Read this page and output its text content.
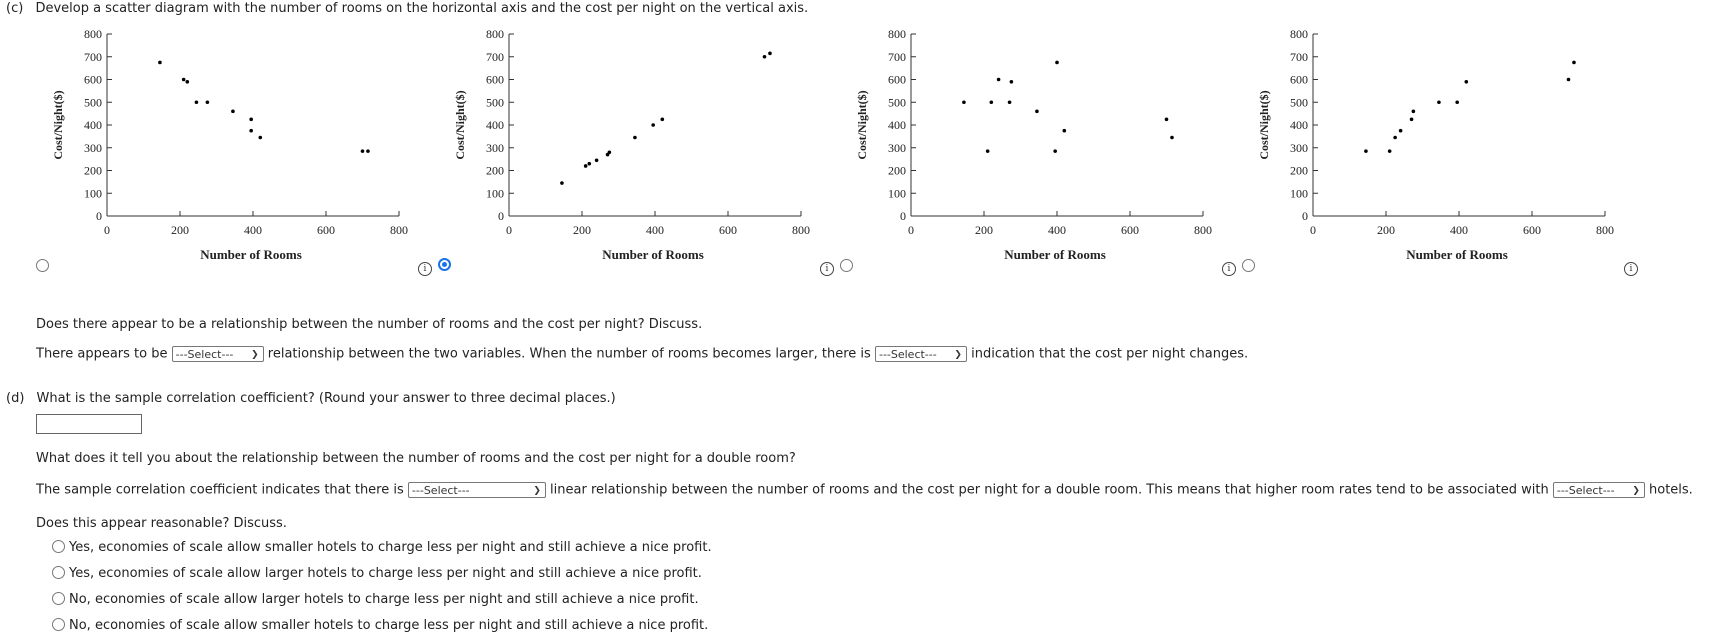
(c) Develop a scatter diagram with the number of rooms on the horizontal axis and the cost per night on the vertical axis.
800
700
600
500
400
300
200
100
0
0	200	400	600	800
Cost/Night($)
Number of Rooms
800
700
600
500
400
300
200
100
0
0	200	400	600	800
Cost/Night($)
Number of Rooms
800
700
600
500
400
300
200
100
0
0	200	400	600	800
Cost/Night($)
Number of Rooms
800
700
600
500
400
300
200
100
0
0	200	400	600	800
Cost/Night($)
Number of Rooms
i	i	i	i
Does there appear to be a relationship between the number of rooms and the cost per night? Discuss.
There appears to be ---Select--- ❯ relationship between the two variables. When the number of rooms becomes larger, there is ---Select--- ❯ indication that the cost per night changes.
(d) What is the sample correlation coefficient? (Round your answer to three decimal places.)
What does it tell you about the relationship between the number of rooms and the cost per night for a double room?
The sample correlation coefficient indicates that there is ---Select---	❯ linear relationship between the number of rooms and the cost per night for a double room. This means that higher room rates tend to be associated with ---Select--- ❯ hotels.
Does this appear reasonable? Discuss.
Yes, economies of scale allow smaller hotels to charge less per night and still achieve a nice profit.
Yes, economies of scale allow larger hotels to charge less per night and still achieve a nice profit.
No, economies of scale allow larger hotels to charge less per night and still achieve a nice profit.
No, economies of scale allow smaller hotels to charge less per night and still achieve a nice profit.
